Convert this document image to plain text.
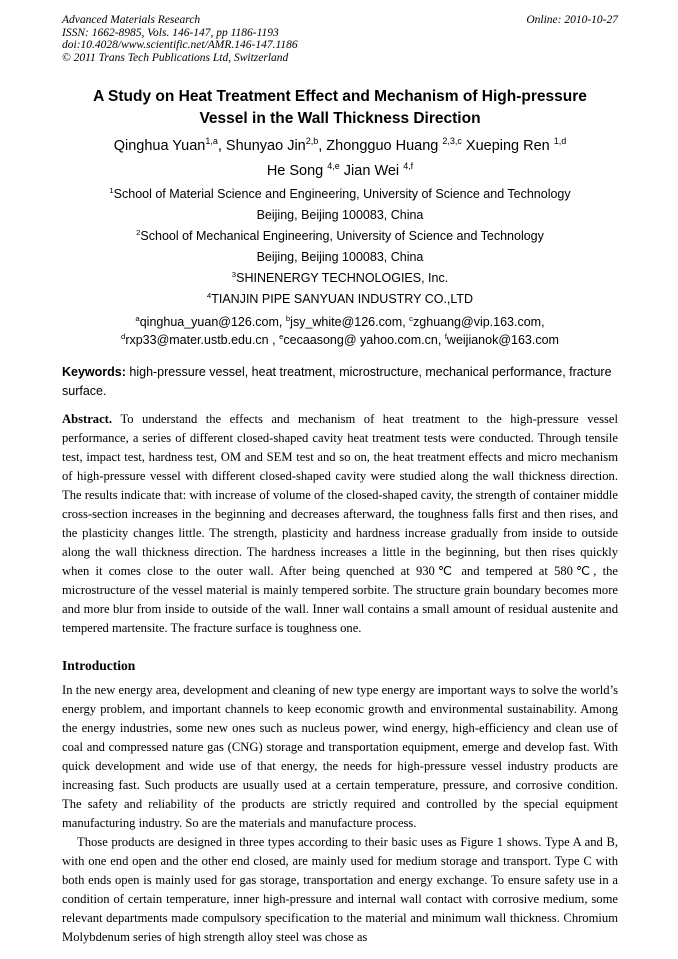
Advanced Materials Research
ISSN: 1662-8985, Vols. 146-147, pp 1186-1193
doi:10.4028/www.scientific.net/AMR.146-147.1186
© 2011 Trans Tech Publications Ltd, Switzerland
Online: 2010-10-27
A Study on Heat Treatment Effect and Mechanism of High-pressure Vessel in the Wall Thickness Direction
Qinghua Yuan$^{1,a}$, Shunyao Jin$^{2,b}$, Zhongguo Huang $^{2,3,c}$ Xueping Ren $^{1,d}$
He Song $^{4,e}$ Jian Wei $^{4,f}$
$^1$School of Material Science and Engineering, University of Science and Technology
Beijing, Beijing 100083, China
$^2$School of Mechanical Engineering, University of Science and Technology
Beijing, Beijing 100083, China
$^3$SHINENERGY TECHNOLOGIES, Inc.
$^4$TIANJIN PIPE SANYUAN INDUSTRY CO.,LTD
$^a$qinghua_yuan@126.com, $^b$jsy_white@126.com, $^c$zghuang@vip.163.com,
$^d$rxp33@mater.ustb.edu.cn , $^e$cecaasong@ yahoo.com.cn, $^f$weijianok@163.com

Keywords: high-pressure vessel, heat treatment, microstructure, mechanical performance, fracture surface.

Abstract. To understand the effects and mechanism of heat treatment to the high-pressure vessel performance, a series of different closed-shaped cavity heat treatment tests were conducted. Through tensile test, impact test, hardness test, OM and SEM test and so on, the heat treatment effects and micro mechanism of high-pressure vessel with different closed-shaped cavity were studied along the wall thickness direction. The results indicate that: with increase of volume of the closed-shaped cavity, the strength of container middle cross-section increases in the beginning and decreases afterward, the toughness falls first and then rises, and the plasticity changes little. The strength, plasticity and hardness increase gradually from inside to outside along the wall thickness direction. The hardness increases a little in the beginning, but then rises quickly when it comes close to the outer wall. After being quenched at 930℃ and tempered at 580℃, the microstructure of the vessel material is mainly tempered sorbite. The structure grain boundary becomes more and more blur from inside to outside of the wall. Inner wall contains a small amount of residual austenite and tempered martensite. The fracture surface is toughness one.

Introduction

In the new energy area, development and cleaning of new type energy are important ways to solve the world’s energy problem, and important channels to keep economic growth and environmental sustainability. Among the energy industries, some new ones such as nucleus power, wind energy, high-efficiency and clean use of coal and compressed nature gas (CNG) storage and transportation equipment, emerge and develop fast. With quick development and wide use of that energy, the needs for high-pressure vessel industry products are increasing fast. Such products are usually used at a certain temperature, pressure, and corrosive condition. The safety and reliability of the products are strictly required and controlled by the special equipment manufacturing industry. So are the materials and manufacture process.

Those products are designed in three types according to their basic uses as Figure 1 shows. Type A and B, with one end open and the other end closed, are mainly used for medium storage and transport. Type C with both ends open is mainly used for gas storage, transportation and energy exchange. To ensure safety use in a condition of certain temperature, inner high-pressure and internal wall contact with corrosive medium, some relevant departments made compulsory specification to the material and minimum wall thickness. Chromium Molybdenum series of high strength alloy steel was chose as
